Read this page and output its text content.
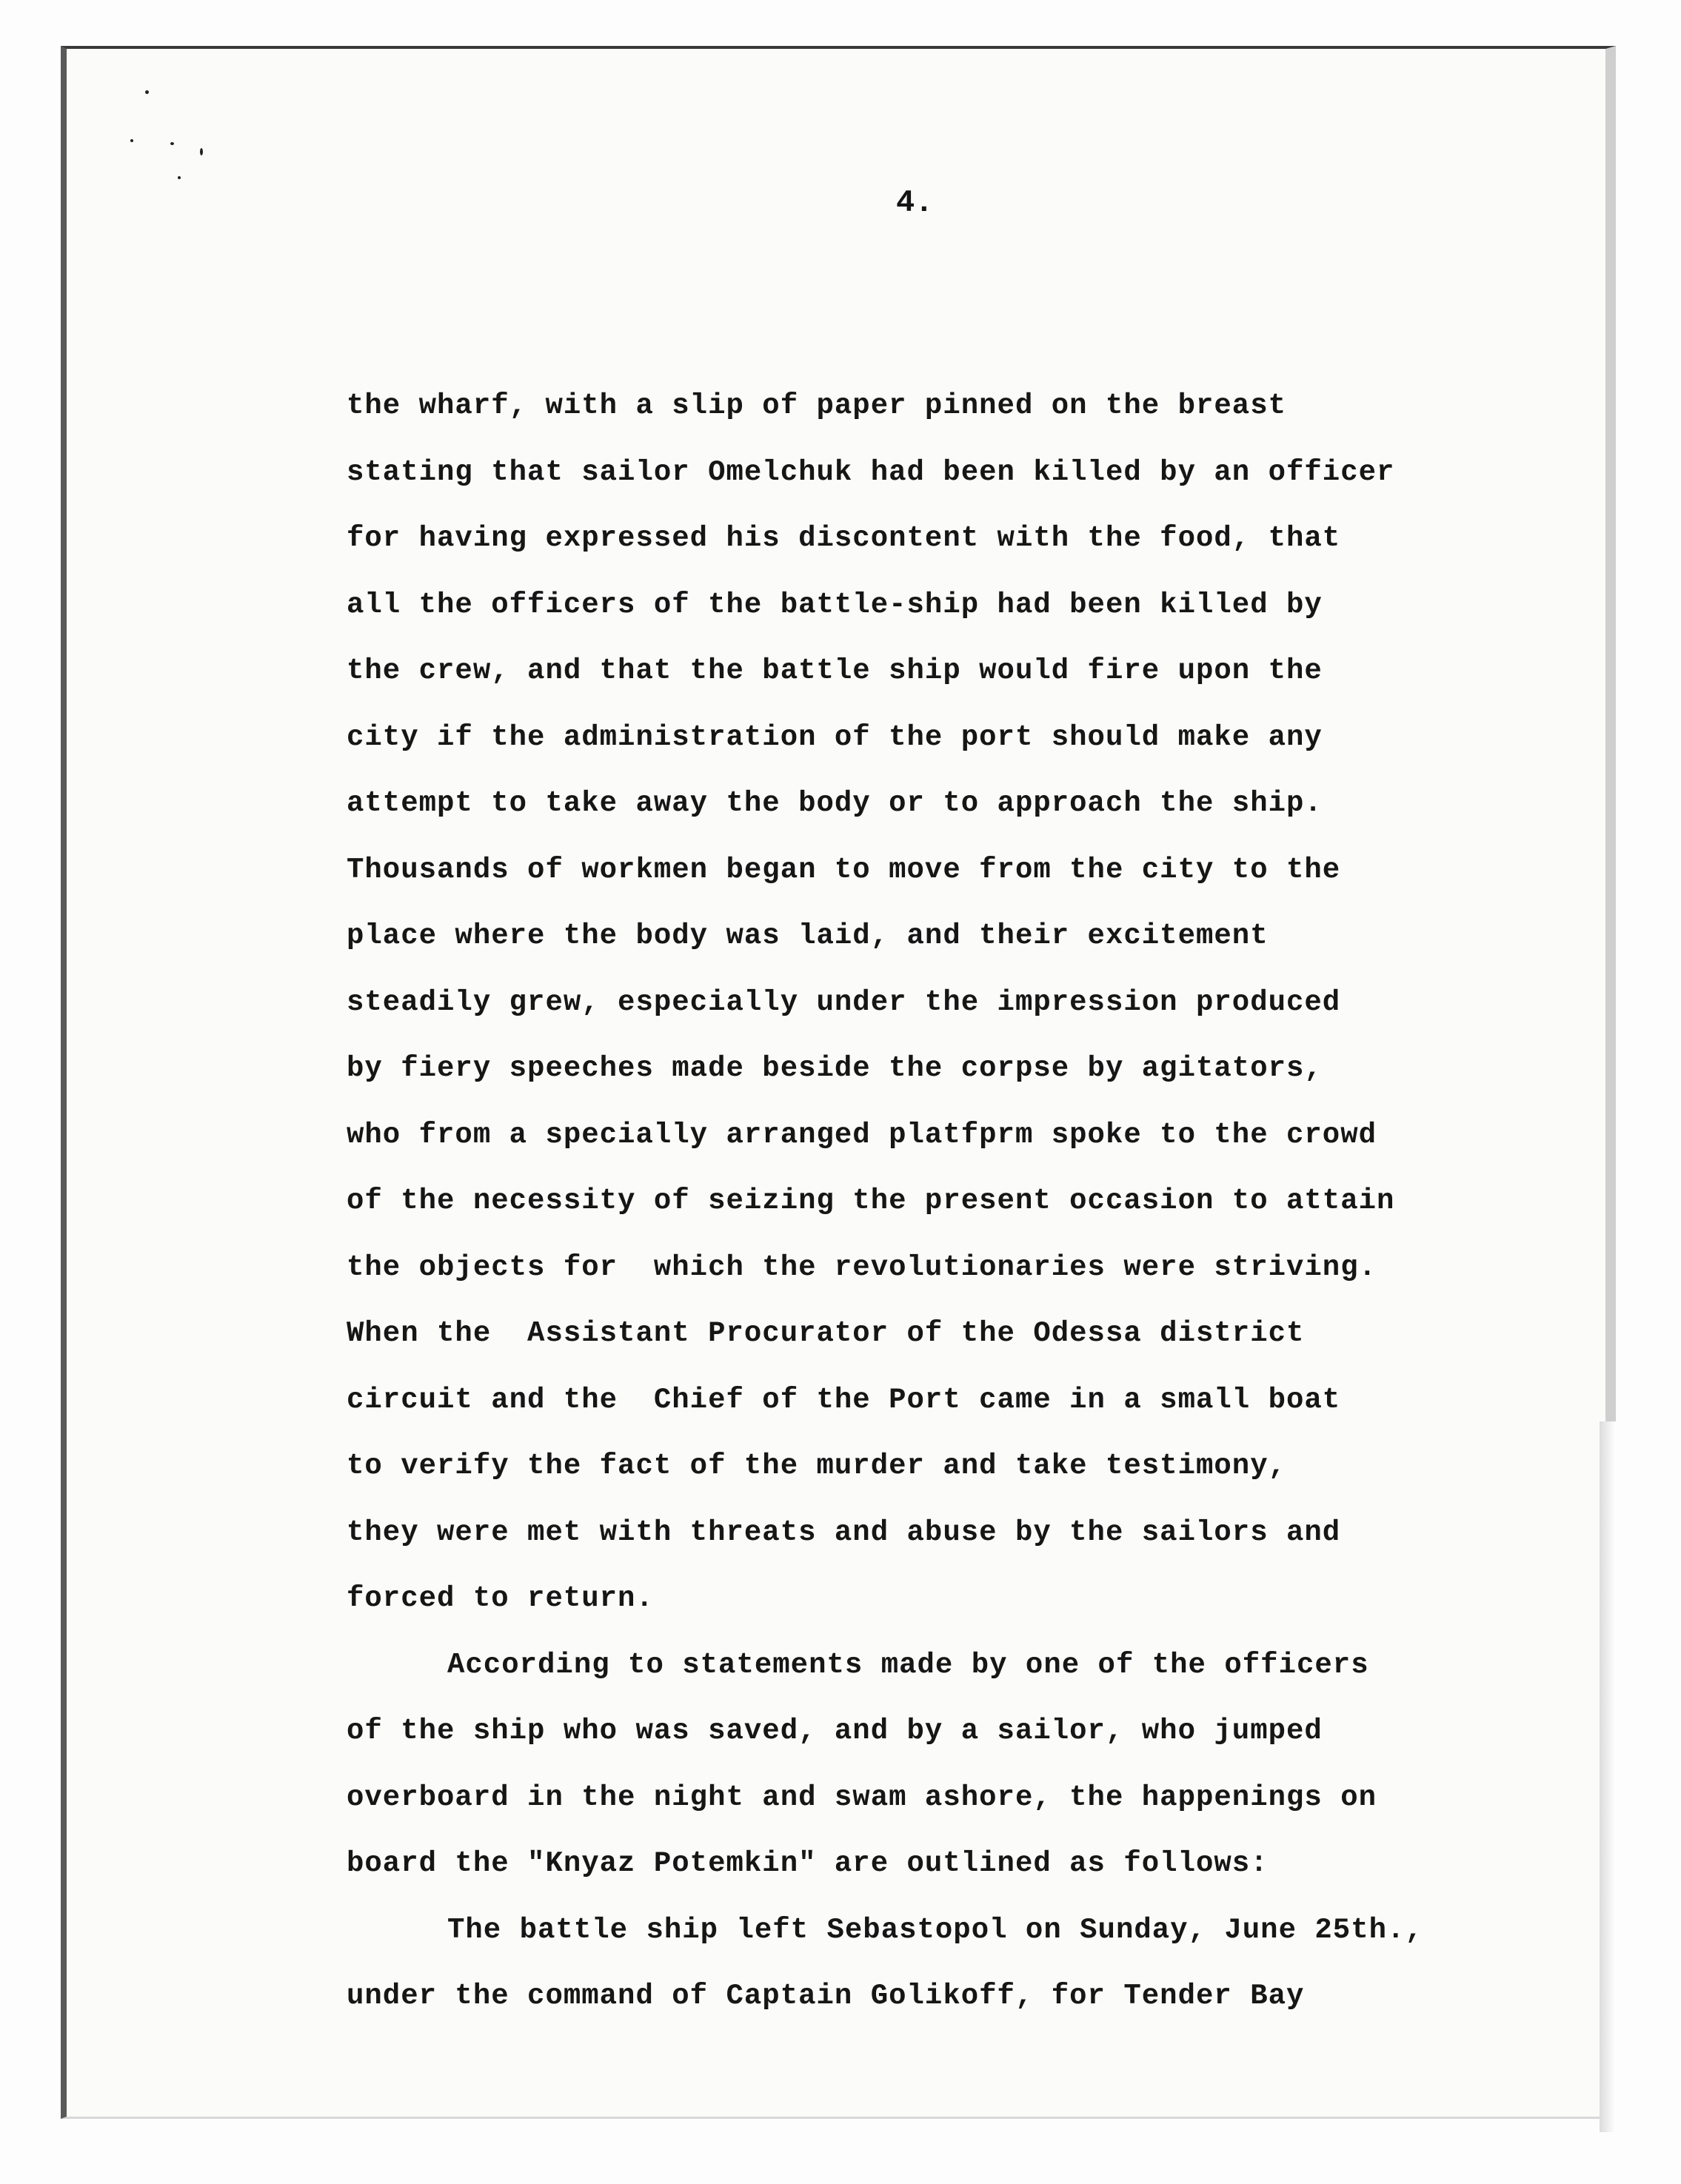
4.
the wharf, with a slip of paper pinned on the breast
stating that sailor Omelchuk had been killed by an officer
for having expressed his discontent with the food, that
all the officers of the battle-ship had been killed by
the crew, and that the battle ship would fire upon the
city if the administration of the port should make any
attempt to take away the body or to approach the ship.
Thousands of workmen began to move from the city to the
place where the body was laid, and their excitement
steadily grew, especially under the impression produced
by fiery speeches made beside the corpse by agitators,
who from a specially arranged platfprm spoke to the crowd
of the necessity of seizing the present occasion to attain
the objects for  which the revolutionaries were striving.
When the  Assistant Procurator of the Odessa district
circuit and the  Chief of the Port came in a small boat
to verify the fact of the murder and take testimony,
they were met with threats and abuse by the sailors and
forced to return.
According to statements made by one of the officers
of the ship who was saved, and by a sailor, who jumped
overboard in the night and swam ashore, the happenings on
board the "Knyaz Potemkin" are outlined as follows:
The battle ship left Sebastopol on Sunday, June 25th.,
under the command of Captain Golikoff, for Tender Bay
